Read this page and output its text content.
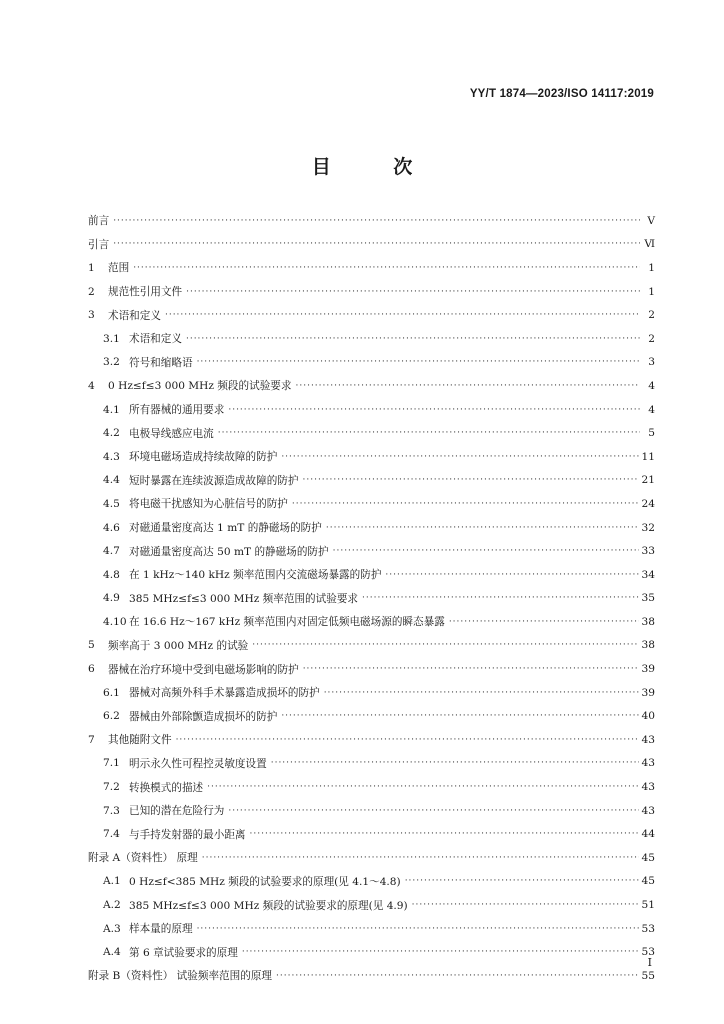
YY/T 1874—2023/ISO 14117:2019
目 次
前言 ·····	Ⅴ
引言 ·····	Ⅵ
1	范围 ·····	1
2	规范性引用文件 ·····	1
3	术语和定义 ·····	2
3.1 术语和定义 ·····	2
3.2 符号和缩略语 ·····	3
4	0 Hz≤f≤3 000 MHz 频段的试验要求 ·····	4
4.1 所有器械的通用要求 ·····	4
4.2 电极导线感应电流 ·····	5
4.3 环境电磁场造成持续故障的防护 ·····	11
4.4 短时暴露在连续波源造成故障的防护 ·····	21
4.5 将电磁干扰感知为心脏信号的防护 ·····	24
4.6 对磁通量密度高达 1 mT 的静磁场的防护 ·····	32
4.7 对磁通量密度高达 50 mT 的静磁场的防护 ·····	33
4.8 在 1 kHz～140 kHz 频率范围内交流磁场暴露的防护 ·····	34
4.9 385 MHz≤f≤3 000 MHz 频率范围的试验要求 ·····	35
4.10 在 16.6 Hz～167 kHz 频率范围内对固定低频电磁场源的瞬态暴露 ·····	38
5	频率高于 3 000 MHz 的试验 ·····	38
6	器械在治疗环境中受到电磁场影响的防护 ·····	39
6.1 器械对高频外科手术暴露造成损坏的防护 ·····	39
6.2 器械由外部除颤造成损坏的防护 ·····	40
7	其他随附文件 ·····	43
7.1 明示永久性可程控灵敏度设置 ·····	43
7.2 转换模式的描述 ·····	43
7.3 已知的潜在危险行为 ·····	43
7.4 与手持发射器的最小距离 ·····	44
附录 A（资料性） 原理 ·····	45
A.1 0 Hz≤f<385 MHz 频段的试验要求的原理(见 4.1～4.8) ·····	45
A.2 385 MHz≤f≤3 000 MHz 频段的试验要求的原理(见 4.9) ·····	51
A.3 样本量的原理 ·····	53
A.4 第 6 章试验要求的原理 ·····	53
附录 B（资料性） 试验频率范围的原理 ·····	55
Ⅰ
